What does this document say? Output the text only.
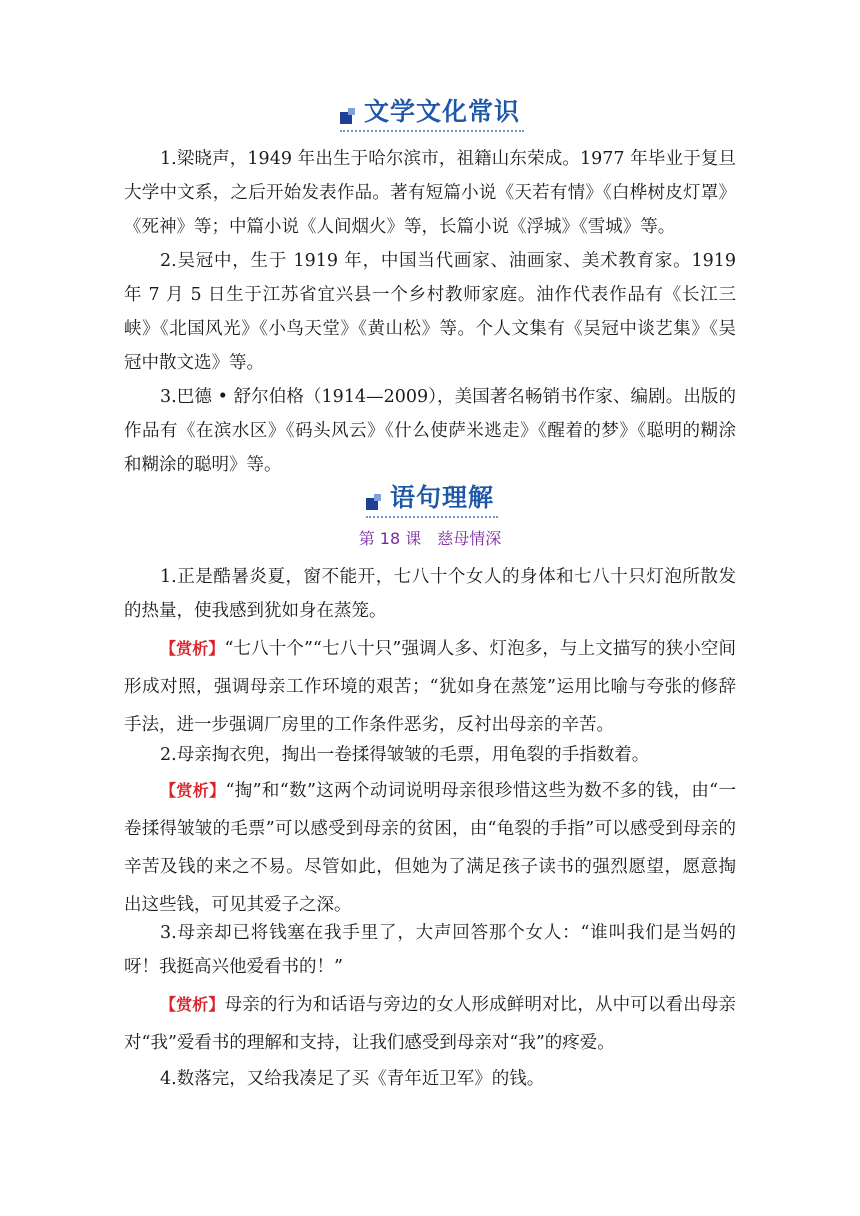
文学文化常识

1.梁晓声，1949 年出生于哈尔滨市，祖籍山东荣成。1977 年毕业于复旦大学中文系，之后开始发表作品。著有短篇小说《天若有情》《白桦树皮灯罩》《死神》等；中篇小说《人间烟火》等，长篇小说《浮城》《雪城》等。

2.吴冠中，生于 1919 年，中国当代画家、油画家、美术教育家。1919 年 7 月 5 日生于江苏省宜兴县一个乡村教师家庭。油作代表作品有《长江三峡》《北国风光》《小鸟天堂》《黄山松》等。个人文集有《吴冠中谈艺集》《吴冠中散文选》等。

3.巴德 • 舒尔伯格（1914—2009），美国著名畅销书作家、编剧。出版的作品有《在滨水区》《码头风云》《什么使萨米逃走》《醒着的梦》《聪明的糊涂和糊涂的聪明》等。

语句理解
第 18 课　慈母情深

1.正是酷暑炎夏，窗不能开，七八十个女人的身体和七八十只灯泡所散发的热量，使我感到犹如身在蒸笼。

【赏析】“七八十个”“七八十只”强调人多、灯泡多，与上文描写的狭小空间形成对照，强调母亲工作环境的艰苦；“犹如身在蒸笼”运用比喻与夸张的修辞手法，进一步强调厂房里的工作条件恶劣，反衬出母亲的辛苦。

2.母亲掏衣兜，掏出一卷揉得皱皱的毛票，用龟裂的手指数着。

【赏析】“掏”和“数”这两个动词说明母亲很珍惜这些为数不多的钱，由“一卷揉得皱皱的毛票”可以感受到母亲的贫困，由“龟裂的手指”可以感受到母亲的辛苦及钱的来之不易。尽管如此，但她为了满足孩子读书的强烈愿望，愿意掏出这些钱，可见其爱子之深。

3.母亲却已将钱塞在我手里了，大声回答那个女人：“谁叫我们是当妈的呀！我挺高兴他爱看书的！”

【赏析】母亲的行为和话语与旁边的女人形成鲜明对比，从中可以看出母亲对“我”爱看书的理解和支持，让我们感受到母亲对“我”的疼爱。

4.数落完，又给我凑足了买《青年近卫军》的钱。
